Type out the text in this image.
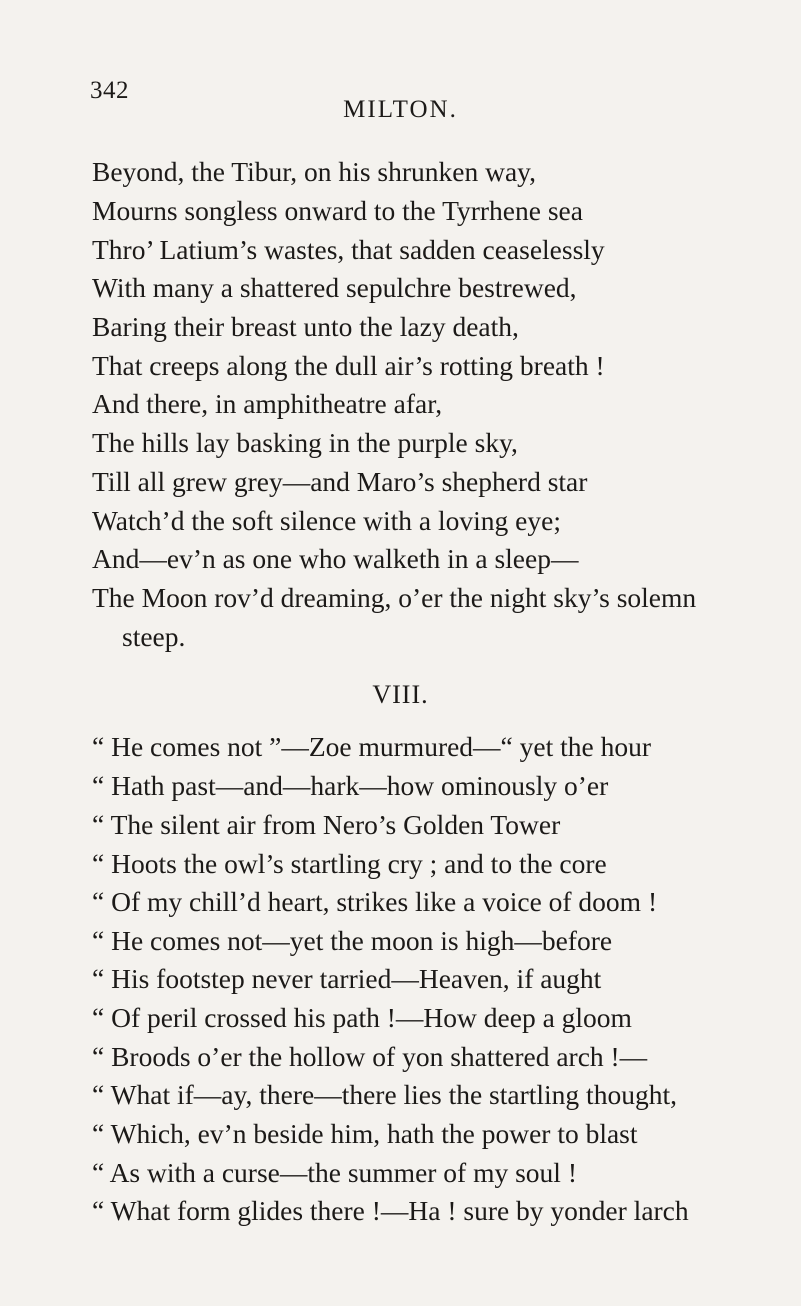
342
MILTON.
Beyond, the Tibur, on his shrunken way,
Mourns songless onward to the Tyrrhene sea
Thro’ Latium’s wastes, that sadden ceaselessly
With many a shattered sepulchre bestrewed,
Baring their breast unto the lazy death,
That creeps along the dull air’s rotting breath !
And there, in amphitheatre afar,
The hills lay basking in the purple sky,
Till all grew grey—and Maro’s shepherd star
Watch’d the soft silence with a loving eye;
And—ev’n as one who walketh in a sleep—
The Moon rov’d dreaming, o’er the night sky’s solemn
steep.
VIII.
“ He comes not ”—Zoe murmured—“ yet the hour
“ Hath past—and—hark—how ominously o’er
“ The silent air from Nero’s Golden Tower
“ Hoots the owl’s startling cry ; and to the core
“ Of my chill’d heart, strikes like a voice of doom !
“ He comes not—yet the moon is high—before
“ His footstep never tarried—Heaven, if aught
“ Of peril crossed his path !—How deep a gloom
“ Broods o’er the hollow of yon shattered arch !—
“ What if—ay, there—there lies the startling thought,
“ Which, ev’n beside him, hath the power to blast
“ As with a curse—the summer of my soul !
“ What form glides there !—Ha ! sure by yonder larch
